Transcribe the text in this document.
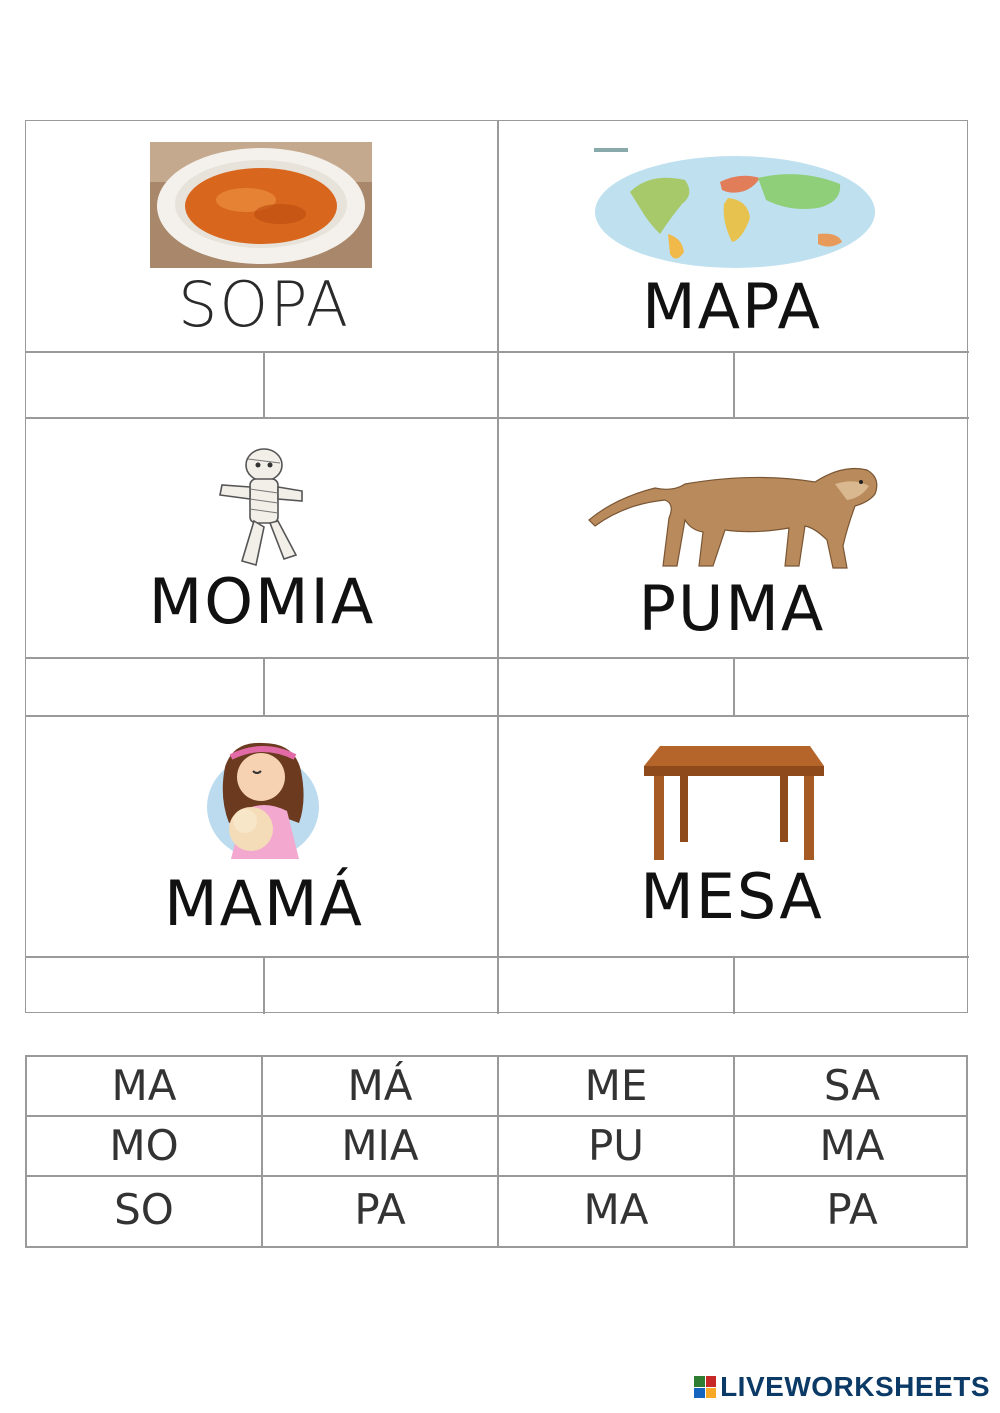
SOPA	MAPA
MOMIA	PUMA
MAMÁ	MESA
MA	MÁ	ME	SA
MO	MIA	PU	MA
SO	PA	MA	PA
LIVEWORKSHEETS
